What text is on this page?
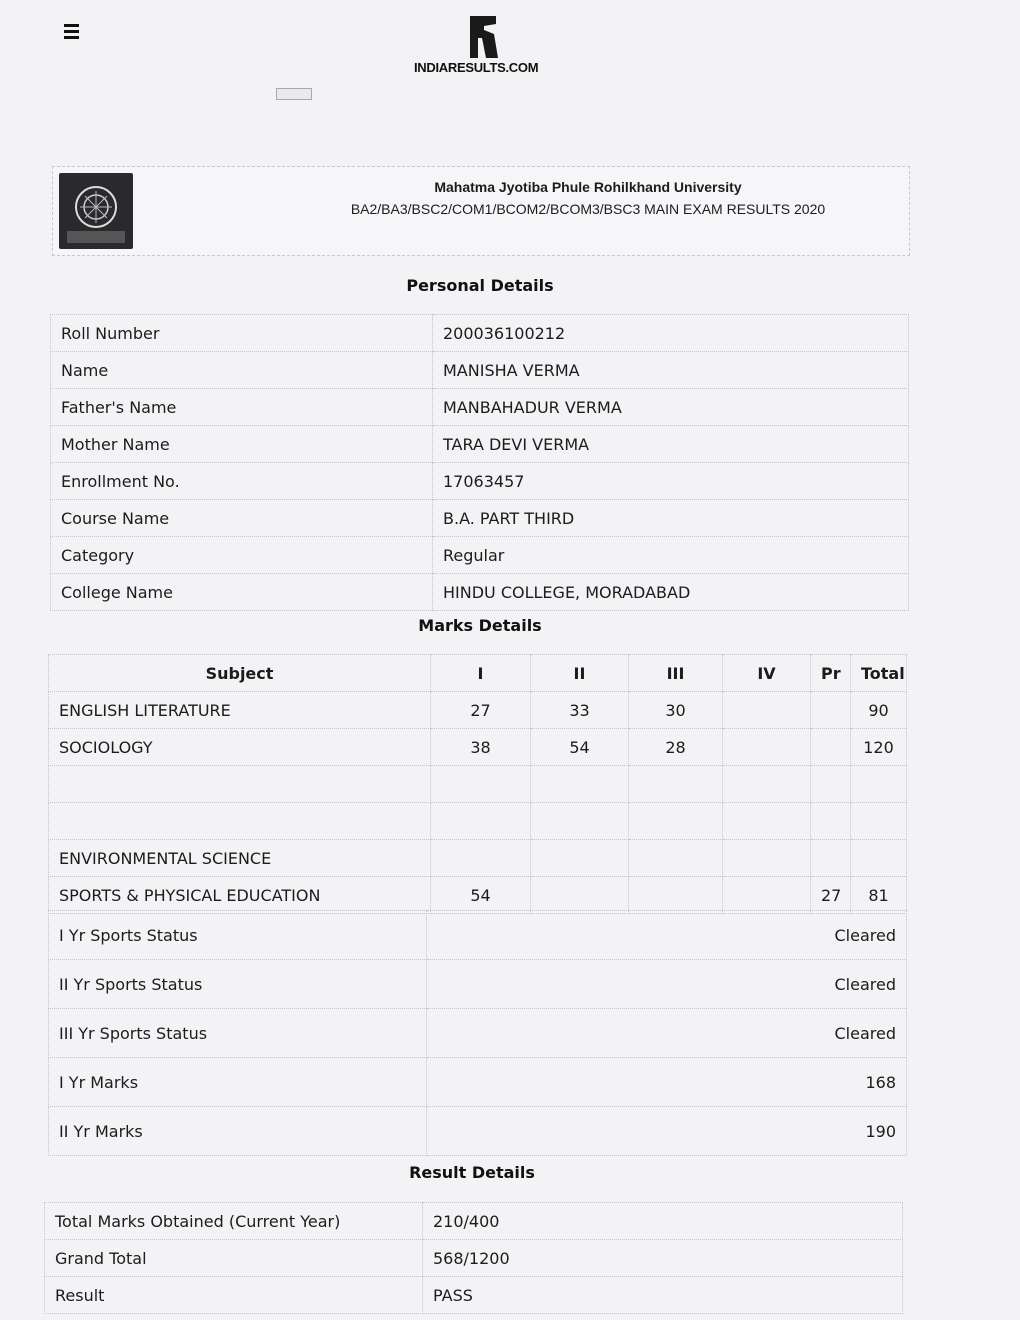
INDIARESULTS.COM
Mahatma Jyotiba Phule Rohilkhand University
BA2/BA3/BSC2/COM1/BCOM2/BCOM3/BSC3 MAIN EXAM RESULTS 2020
Personal Details
Roll Number	200036100212
Name	MANISHA VERMA
Father's Name	MANBAHADUR VERMA
Mother Name	TARA DEVI VERMA
Enrollment No.	17063457
Course Name	B.A. PART THIRD
Category	Regular
College Name	HINDU COLLEGE, MORADABAD
Marks Details
Subject	I	II	III	IV	Pr	Total
ENGLISH LITERATURE	27	33	30			90
SOCIOLOGY	38	54	28			120

ENVIRONMENTAL SCIENCE						
SPORTS & PHYSICAL EDUCATION	54				27	81
I Yr Sports Status	Cleared
II Yr Sports Status	Cleared
III Yr Sports Status	Cleared
I Yr Marks	168
II Yr Marks	190
Result Details
Total Marks Obtained (Current Year)	210/400
Grand Total	568/1200
Result	PASS
